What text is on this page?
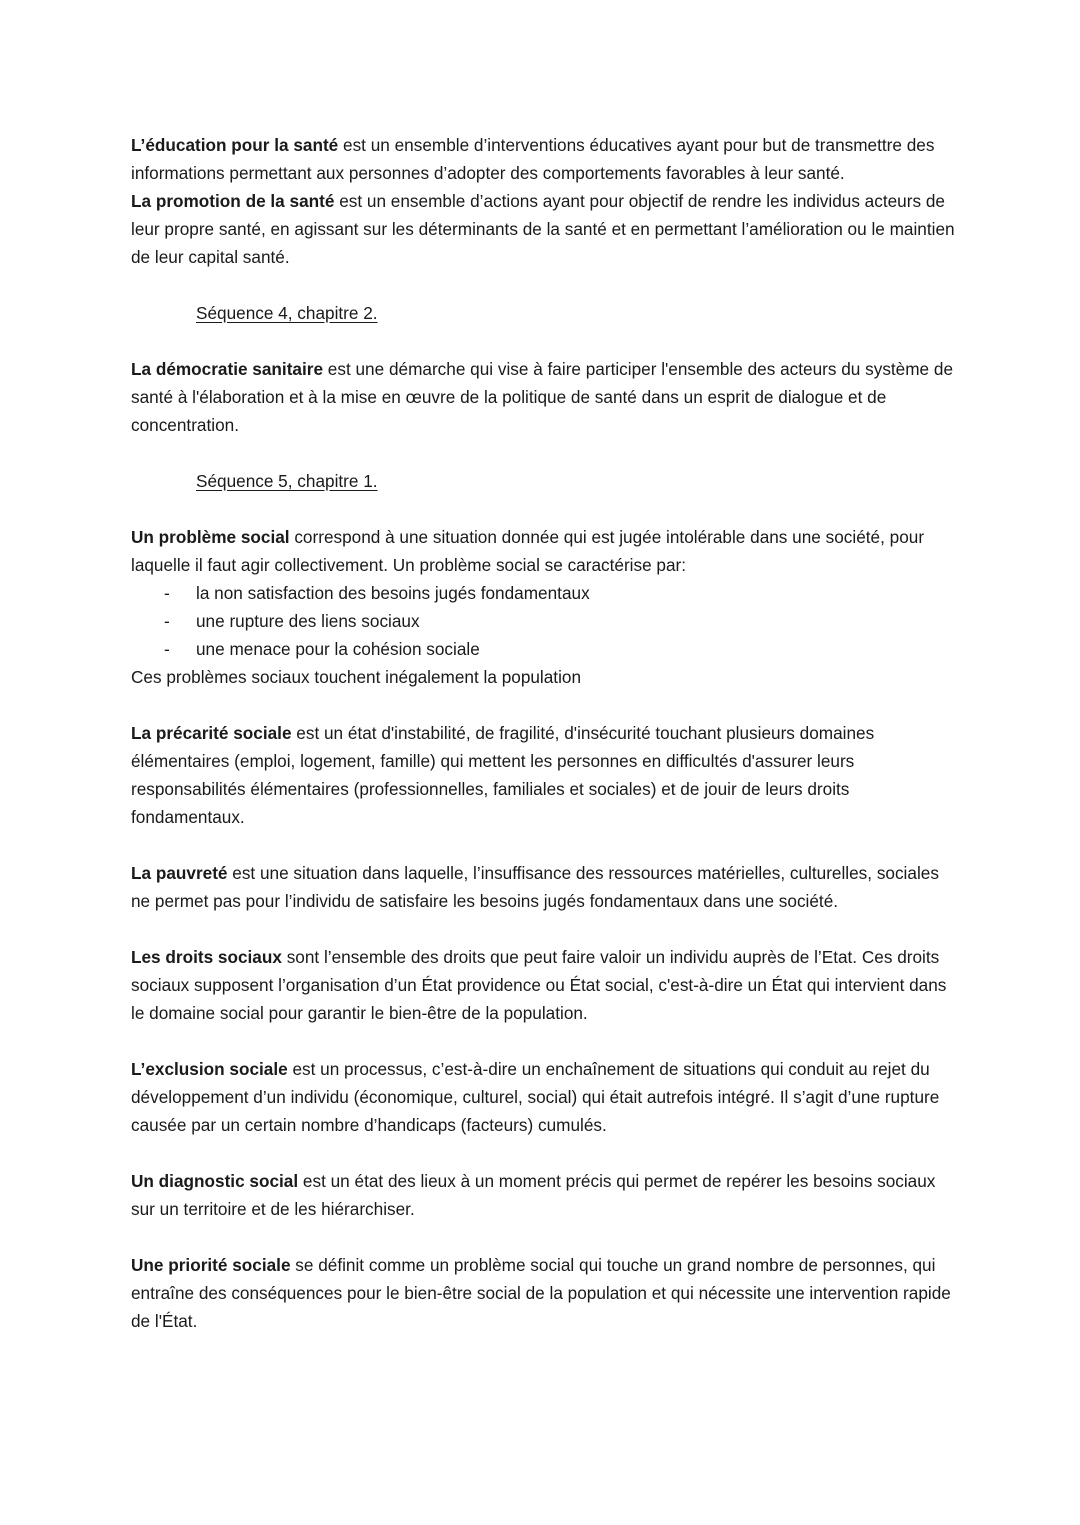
L’éducation pour la santé est un ensemble d’interventions éducatives ayant pour but de transmettre des informations permettant aux personnes d’adopter des comportements favorables à leur santé.

La promotion de la santé est un ensemble d’actions ayant pour objectif de rendre les individus acteurs de leur propre santé, en agissant sur les déterminants de la santé et en permettant l’amélioration ou le maintien de leur capital santé.

Séquence 4, chapitre 2.

La démocratie sanitaire est une démarche qui vise à faire participer l'ensemble des acteurs du système de santé à l'élaboration et à la mise en œuvre de la politique de santé dans un esprit de dialogue et de concentration.

Séquence 5, chapitre 1.

Un problème social correspond à une situation donnée qui est jugée intolérable dans une société, pour laquelle il faut agir collectivement. Un problème social se caractérise par:

- la non satisfaction des besoins jugés fondamentaux
- une rupture des liens sociaux
- une menace pour la cohésion sociale

Ces problèmes sociaux touchent inégalement la population

La précarité sociale est un état d'instabilité, de fragilité, d'insécurité touchant plusieurs domaines élémentaires (emploi, logement, famille) qui mettent les personnes en difficultés d'assurer leurs responsabilités élémentaires (professionnelles, familiales et sociales) et de jouir de leurs droits fondamentaux.

La pauvreté est une situation dans laquelle, l’insuffisance des ressources matérielles, culturelles, sociales ne permet pas pour l’individu de satisfaire les besoins jugés fondamentaux dans une société.

Les droits sociaux sont l’ensemble des droits que peut faire valoir un individu auprès de l’Etat. Ces droits sociaux supposent l’organisation d’un État providence ou État social, c'est-à-dire un État qui intervient dans le domaine social pour garantir le bien-être de la population.

L’exclusion sociale est un processus, c’est-à-dire un enchaînement de situations qui conduit au rejet du développement d’un individu (économique, culturel, social) qui était autrefois intégré. Il s’agit d’une rupture causée par un certain nombre d’handicaps (facteurs) cumulés.

Un diagnostic social est un état des lieux à un moment précis qui permet de repérer les besoins sociaux sur un territoire et de les hiérarchiser.

Une priorité sociale se définit comme un problème social qui touche un grand nombre de personnes, qui entraîne des conséquences pour le bien-être social de la population et qui nécessite une intervention rapide de l'État.
